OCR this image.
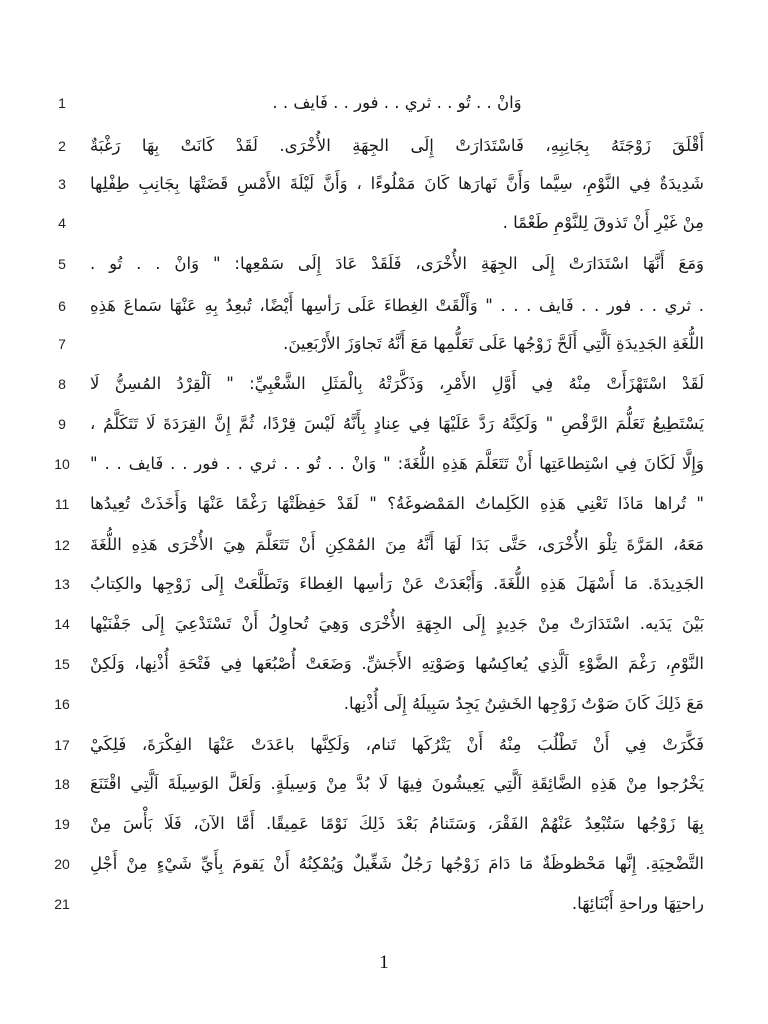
1	وَانْ . . تُو . . ثري . . فور . . فَايف . .
2	أَقْلَقَ زَوْجَتَهُ بِجَانِبِهِ، فَاسْتَدَارَتْ إِلَى الجِهَةِ الأُخْرَى. لَقَدْ كَانَتْ بِهَا رَغْبَةٌ
3	شَدِيدَةٌ فِي النَّوْمِ، سِيَّما وَأَنَّ نَهارَها كَانَ مَمْلُوءًا ، وَأَنَّ لَيْلَةَ الأَمْسِ قَضَتْهَا بِجَانِبِ طِفْلِها
4	مِنْ غَيْرِ أَنْ تَذوقَ لِلنَّوْمِ طَعْمًا .
5	وَمَعَ أَنَّهَا اسْتَدَارَتْ إِلَى الجِهَةِ الأُخْرَى، فَلَقَدْ عَادَ إِلَى سَمْعِها: " وَانْ . . تُو .
6	. ثري . . فور . . فَايف . . . " وَأَلْقَتْ الغِطاءَ عَلَى رَأسِها أَيْضًا، تُبعِدُ بِهِ عَنْهَا سَماعَ هَذِهِ
7	اللُّغَةِ الجَدِيدَةِ اَلَّتِي أَلَحَّ زَوْجُها عَلَى تَعَلُّمِها مَعَ أَنَّهُ تَجاوَزَ الأَرْبَعِينَ.
8	لَقَدْ اسْتَهْزَأَتْ مِنْهُ فِي أَوَّلِ الأَمْرِ، وَذَكَّرَتْهُ بِالْمَثَلِ الشَّعْبِيِّ: " اَلْقِرْدُ المُسِنُّ لَا
9	يَسْتَطِيعُ تَعَلُّمَ الرَّقْصِ " وَلَكِنَّهُ رَدَّ عَلَيْهَا فِي عِنادٍ بِأَنَّهُ لَيْسَ قِرْدًا، ثُمَّ إِنَّ القِرَدَةَ لَا تَتَكَلَّمُ ،
10	وَإِلَّا لَكَانَ فِي اسْتِطاعَتِها أَنْ تَتَعَلَّمَ هَذِهِ اللُّغَةَ: " وَانْ . . تُو . . ثري . . فور . . فَايف . . "
11	" تُراها مَاذَا تَعْنِي هَذِهِ الكَلِماتُ المَمْضوغَةُ؟ " لَقَدْ حَفِظَتْهَا رَغْمًا عَنْهَا وَأَخَذَتْ تُعِيدُها
12	مَعَهُ، المَرَّةَ تِلْوَ الأُخْرَى، حَتَّى بَدَا لَهَا أَنَّهُ مِنَ المُمْكِنِ أَنْ تَتَعَلَّمَ هِيَ الأُخْرَى هَذِهِ اللُّغَةَ
13	الجَدِيدَةَ. مَا أَسْهَلَ هَذِهِ اللُّغَةَ. وَأَبْعَدَتْ عَنْ رَأسِها الغِطاءَ وَتَطَلَّعَتْ إِلَى زَوْجِها والكِتابُ
14	بَيْنَ يَدَيه. اسْتَدَارَتْ مِنْ جَدِيدٍ إِلَى الجِهَةِ الأُخْرَى وَهِيَ تُحاوِلُ أَنْ تَسْتَدْعِيَ إِلَى جَفْنَيْها
15	النَّوْمِ، رَغْمَ الضَّوْءِ اَلَّذِي يُعاكِسُها وَصَوْتِهِ الأَجَشِّ. وَضَعَتْ أُصْبُعَها فِي فَتْحَةِ أُذْنِها، وَلَكِنْ
16	مَعَ ذَلِكَ كَانَ صَوْتُ زَوْجِها الخَشِنُ يَجِدُ سَبِيلَهُ إِلَى أُذْنِها.
17	فَكَّرَتْ فِي أَنْ تَطْلُبَ مِنْهُ أَنْ يَتْرُكَها تَنام، وَلَكِنَّها باعَدَتْ عَنْهَا الفِكْرَةَ، فَلِكَيْ
18	يَخْرُجوا مِنْ هَذِهِ الضَّائِقَةِ اَلَّتِي يَعِيشُونَ فِيهَا لَا بُدَّ مِنْ وَسِيلَةٍ. وَلَعَلَّ الوَسِيلَةَ اَلَّتِي اقْتَنَعَ
19	بِهَا زَوْجُها سَتُبْعِدُ عَنْهُمْ الفَقْرَ، وَسَتَنامُ بَعْدَ ذَلِكَ نَوْمًا عَمِيقًا. أَمَّا الآنَ، فَلَا بَأْسَ مِنْ
20	التَّضْحِيَةِ. إِنَّها مَحْظوظَةٌ مَا دَامَ زَوْجُها رَجُلٌ شَغِّيلٌ وَيُمْكِنُهُ أَنْ يَقومَ بِأَيِّ شَيْءٍ مِنْ أَجْلِ
21	راحتِهَا وراحةِ أَبْنَائِهَا.
1
